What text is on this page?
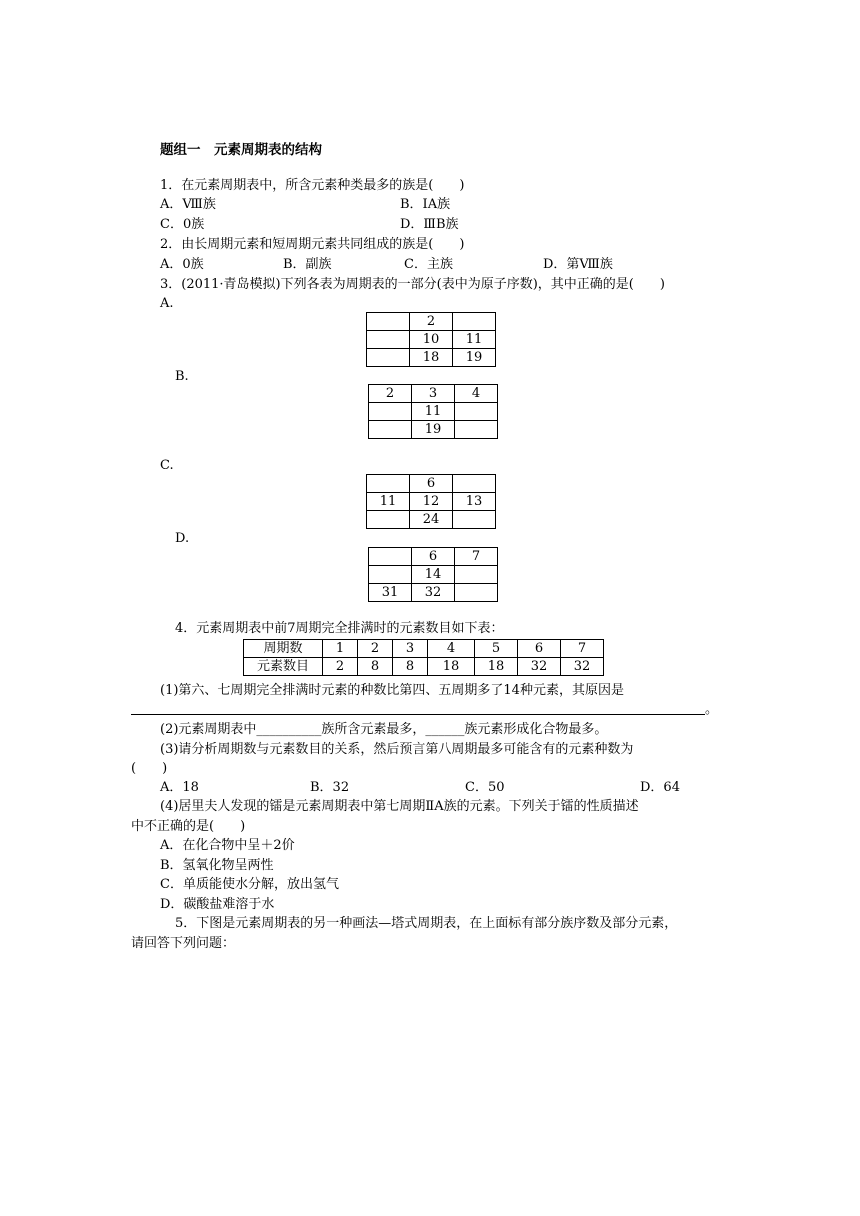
题组一　元素周期表的结构
1．在元素周期表中，所含元素种类最多的族是(　　)
A．Ⅷ族	B．ⅠA族
C．0族	D．ⅢB族
2．由长周期元素和短周期元素共同组成的族是(　　)
A．0族	B．副族	C．主族	D．第Ⅷ族
3．(2011·青岛模拟)下列各表为周期表的一部分(表中为原子序数)，其中正确的是(　　)
A.
	2	
	10	11
	18	19
B.
2	3	4
	11	
	19	
C.
	6	
11	12	13
	24	
D.
	6	7
	14	
31	32	
4．元素周期表中前7周期完全排满时的元素数目如下表：
周期数	1	2	3	4	5	6	7
元素数目	2	8	8	18	18	32	32
(1)第六、七周期完全排满时元素的种数比第四、五周期多了14种元素，其原因是
。
(2)元素周期表中__________族所含元素最多，______族元素形成化合物最多。
(3)请分析周期数与元素数目的关系，然后预言第八周期最多可能含有的元素种数为
(　　)
A．18	B．32	C．50	D．64
(4)居里夫人发现的镭是元素周期表中第七周期ⅡA族的元素。下列关于镭的性质描述
中不正确的是(　　)
A．在化合物中呈＋2价
B．氢氧化物呈两性
C．单质能使水分解，放出氢气
D．碳酸盐难溶于水
5．下图是元素周期表的另一种画法—塔式周期表，在上面标有部分族序数及部分元素，
请回答下列问题：
